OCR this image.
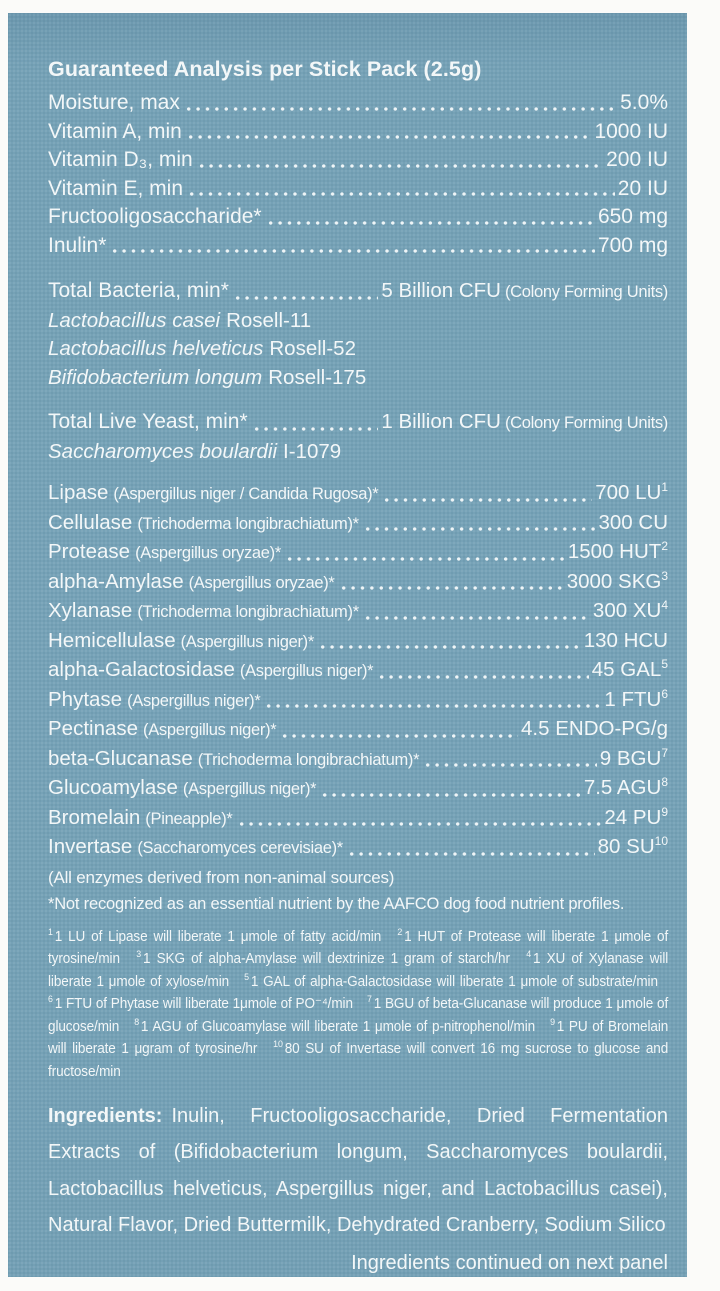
Guaranteed Analysis per Stick Pack (2.5g)
Moisture, max	5.0%
Vitamin A, min	1000 IU
Vitamin D₃, min	200 IU
Vitamin E, min	20 IU
Fructooligosaccharide*	650 mg
Inulin*	700 mg
Total Bacteria, min*	5 Billion CFU (Colony Forming Units)
Lactobacillus casei Rosell-11
Lactobacillus helveticus Rosell-52
Bifidobacterium longum Rosell-175
Total Live Yeast, min*	1 Billion CFU (Colony Forming Units)
Saccharomyces boulardii I-1079
Lipase (Aspergillus niger / Candida Rugosa)*	700 $LU^1$
Cellulase (Trichoderma longibrachiatum)*	300 CU
Protease (Aspergillus oryzae)*	1500 HUT$^2$
alpha-Amylase (Aspergillus oryzae)*	3000 SKG$^3$
Xylanase (Trichoderma longibrachiatum)*	300 $XU^4$
Hemicellulase (Aspergillus niger)*	130 HCU
alpha-Galactosidase (Aspergillus niger)*	45 GAL$^5$
Phytase (Aspergillus niger)*	1 FTU$^6$
Pectinase (Aspergillus niger)*	4.5 ENDO-PG/g
beta-Glucanase (Trichoderma longibrachiatum)*	9 BGU$^7$
Glucoamylase (Aspergillus niger)*	7.5 AGU$^8$
Bromelain (Pineapple)*	24 $PU^9$
Invertase (Saccharomyces cerevisiae)*	80 SU$^{10}$
(All enzymes derived from non-animal sources)
*Not recognized as an essential nutrient by the AAFCO dog food nutrient profiles.

$^1$ 1 LU of Lipase will liberate 1 μmole of fatty acid/min $^2$ 1 HUT of Protease will liberate 1 μmole of tyrosine/min $^3$ 1 SKG of alpha-Amylase will dextrinize 1 gram of starch/hr $^4$ 1 XU of Xylanase will liberate 1 μmole of xylose/min $^5$ 1 GAL of alpha-Galactosidase will liberate 1 μmole of substrate/min $^6$ 1 FTU of Phytase will liberate 1μmole of PO⁻⁴/min $^7$ 1 BGU of beta-Glucanase will produce 1 μmole of glucose/min $^8$ 1 AGU of Glucoamylase will liberate 1 μmole of p-nitrophenol/min $^9$ 1 PU of Bromelain will liberate 1 μgram of tyrosine/hr $^{10}$ 80 SU of Invertase will convert 16 mg sucrose to glucose and fructose/min

Ingredients: Inulin, Fructooligosaccharide, Dried Fermentation Extracts of (Bifidobacterium longum, Saccharomyces boulardii, Lactobacillus helveticus, Aspergillus niger, and Lactobacillus casei), Natural Flavor, Dried Buttermilk, Dehydrated Cranberry, Sodium Silico

Ingredients continued on next panel
